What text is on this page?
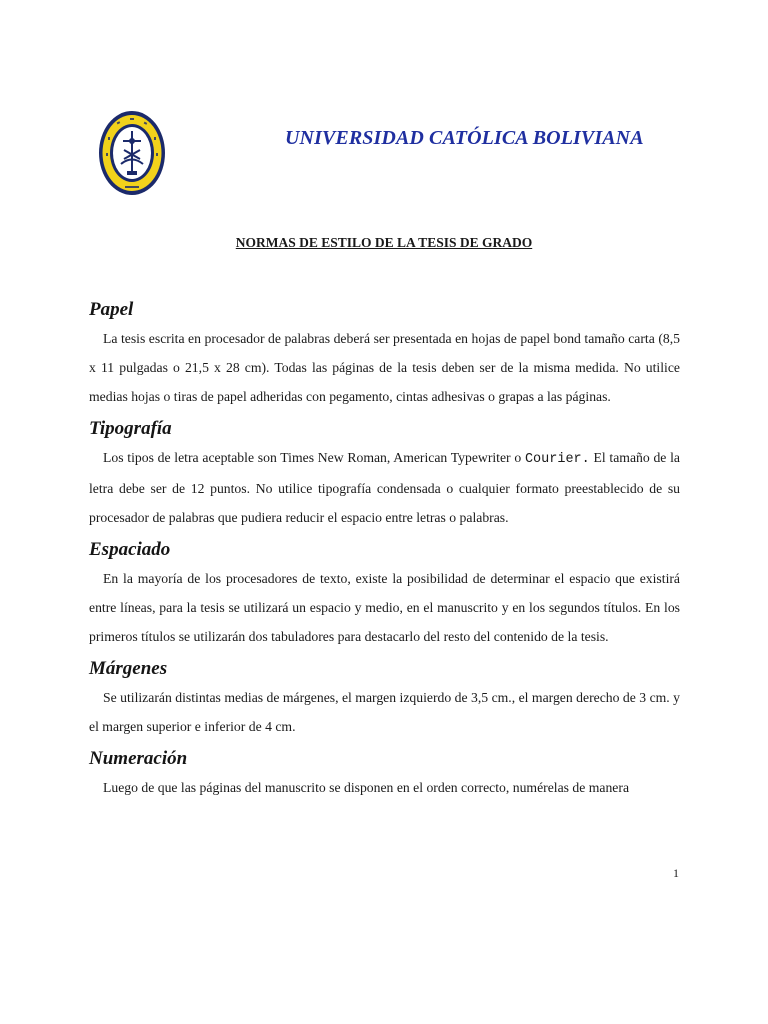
UNIVERSIDAD CATÓLICA BOLIVIANA
NORMAS DE ESTILO DE LA TESIS DE GRADO
Papel

La tesis escrita en procesador de palabras deberá ser presentada en hojas de papel bond tamaño carta (8,5 x 11 pulgadas o 21,5 x 28 cm). Todas las páginas de la tesis deben ser de la misma medida. No utilice medias hojas o tiras de papel adheridas con pegamento, cintas adhesivas o grapas a las páginas.

Tipografía

Los tipos de letra aceptable son Times New Roman, American Typewriter o Courier. El tamaño de la letra debe ser de 12 puntos. No utilice tipografía condensada o cualquier formato preestablecido de su procesador de palabras que pudiera reducir el espacio entre letras o palabras.

Espaciado

En la mayoría de los procesadores de texto, existe la posibilidad de determinar el espacio que existirá entre líneas, para la tesis se utilizará un espacio y medio, en el manuscrito y en los segundos títulos. En los primeros títulos se utilizarán dos tabuladores para destacarlo del resto del contenido de la tesis.

Márgenes

Se utilizarán distintas medias de márgenes, el margen izquierdo de 3,5 cm., el margen derecho de 3 cm. y el margen superior e inferior de 4 cm.

Numeración

Luego de que las páginas del manuscrito se disponen en el orden correcto, numérelas de manera

1
